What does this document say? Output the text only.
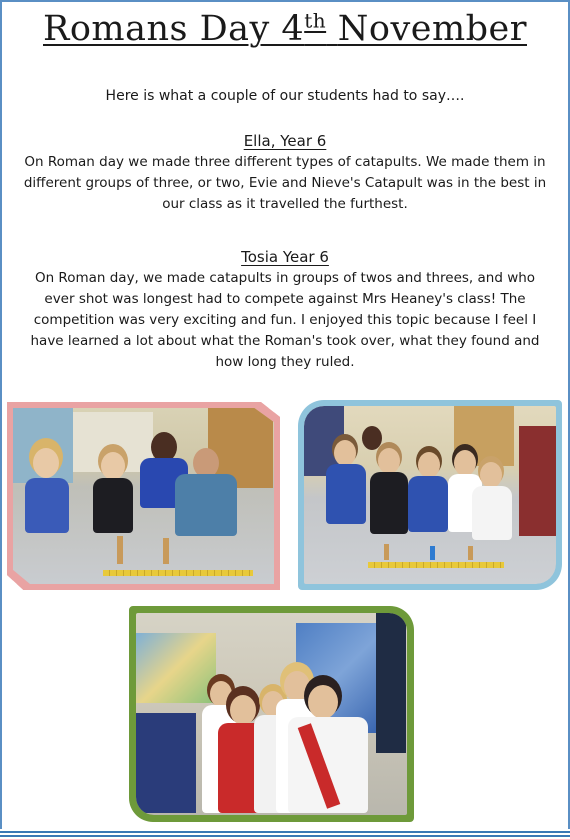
Romans Day 4th November
Here is what a couple of our students had to say….
Ella, Year 6

On Roman day we made three different types of catapults. We made them in different groups of three, or two, Evie and Nieve's Catapult was in the best in our class as it travelled the furthest.

Tosia Year 6

On Roman day, we made catapults in groups of twos and threes, and who ever shot was longest had to compete against Mrs Heaney's class! The competition was very exciting and fun. I enjoyed this topic because I feel I have learned a lot about what the Roman's took over, what they found and how long they ruled.
